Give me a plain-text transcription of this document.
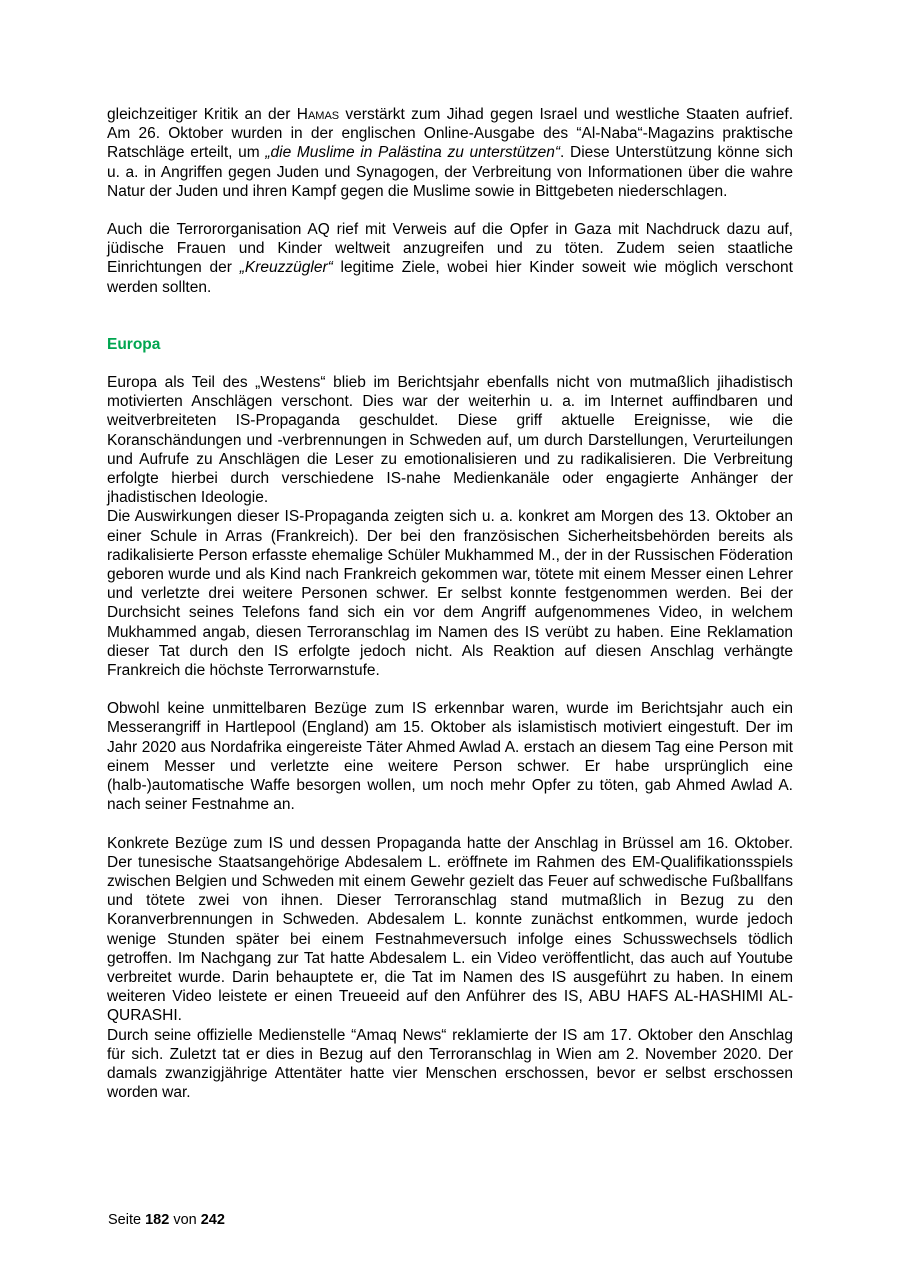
gleichzeitiger Kritik an der Hamas verstärkt zum Jihad gegen Israel und westliche Staaten aufrief. Am 26. Oktober wurden in der englischen Online-Ausgabe des “Al-Naba“-Magazins praktische Ratschläge erteilt, um „die Muslime in Palästina zu unterstützen“. Diese Unterstützung könne sich u. a. in Angriffen gegen Juden und Synagogen, der Verbreitung von Informationen über die wahre Natur der Juden und ihren Kampf gegen die Muslime sowie in Bittgebeten niederschlagen.

Auch die Terrororganisation AQ rief mit Verweis auf die Opfer in Gaza mit Nachdruck dazu auf, jüdische Frauen und Kinder weltweit anzugreifen und zu töten. Zudem seien staatliche Einrichtungen der „Kreuzzügler“ legitime Ziele, wobei hier Kinder soweit wie möglich verschont werden sollten.

Europa

Europa als Teil des „Westens“ blieb im Berichtsjahr ebenfalls nicht von mutmaßlich jihadistisch motivierten Anschlägen verschont. Dies war der weiterhin u. a. im Internet auffindbaren und weitverbreiteten IS-Propaganda geschuldet. Diese griff aktuelle Ereignisse, wie die Koranschändungen und -verbrennungen in Schweden auf, um durch Darstellungen, Verurteilungen und Aufrufe zu Anschlägen die Leser zu emotionalisieren und zu radikalisieren. Die Verbreitung erfolgte hierbei durch verschiedene IS-nahe Medienkanäle oder engagierte Anhänger der jhadistischen Ideologie.

Die Auswirkungen dieser IS-Propaganda zeigten sich u. a. konkret am Morgen des 13. Oktober an einer Schule in Arras (Frankreich). Der bei den französischen Sicherheitsbehörden bereits als radikalisierte Person erfasste ehemalige Schüler Mukhammed M., der in der Russischen Föderation geboren wurde und als Kind nach Frankreich gekommen war, tötete mit einem Messer einen Lehrer und verletzte drei weitere Personen schwer. Er selbst konnte festgenommen werden. Bei der Durchsicht seines Telefons fand sich ein vor dem Angriff aufgenommenes Video, in welchem Mukhammed angab, diesen Terroranschlag im Namen des IS verübt zu haben. Eine Reklamation dieser Tat durch den IS erfolgte jedoch nicht. Als Reaktion auf diesen Anschlag verhängte Frankreich die höchste Terrorwarnstufe.

Obwohl keine unmittelbaren Bezüge zum IS erkennbar waren, wurde im Berichtsjahr auch ein Messerangriff in Hartlepool (England) am 15. Oktober als islamistisch motiviert eingestuft. Der im Jahr 2020 aus Nordafrika eingereiste Täter Ahmed Awlad A. erstach an diesem Tag eine Person mit einem Messer und verletzte eine weitere Person schwer. Er habe ursprünglich eine (halb-)automatische Waffe besorgen wollen, um noch mehr Opfer zu töten, gab Ahmed Awlad A. nach seiner Festnahme an.

Konkrete Bezüge zum IS und dessen Propaganda hatte der Anschlag in Brüssel am 16. Oktober. Der tunesische Staatsangehörige Abdesalem L. eröffnete im Rahmen des EM-Qualifikationsspiels zwischen Belgien und Schweden mit einem Gewehr gezielt das Feuer auf schwedische Fußballfans und tötete zwei von ihnen. Dieser Terroranschlag stand mutmaßlich in Bezug zu den Koranverbrennungen in Schweden. Abdesalem L. konnte zunächst entkommen, wurde jedoch wenige Stunden später bei einem Festnahmeversuch infolge eines Schusswechsels tödlich getroffen. Im Nachgang zur Tat hatte Abdesalem L. ein Video veröffentlicht, das auch auf Youtube verbreitet wurde. Darin behauptete er, die Tat im Namen des IS ausgeführt zu haben. In einem weiteren Video leistete er einen Treueeid auf den Anführer des IS, ABU HAFS AL-HASHIMI AL-QURASHI.

Durch seine offizielle Medienstelle “Amaq News“ reklamierte der IS am 17. Oktober den Anschlag für sich. Zuletzt tat er dies in Bezug auf den Terroranschlag in Wien am 2. November 2020. Der damals zwanzigjährige Attentäter hatte vier Menschen erschossen, bevor er selbst erschossen worden war.

Seite 182 von 242
